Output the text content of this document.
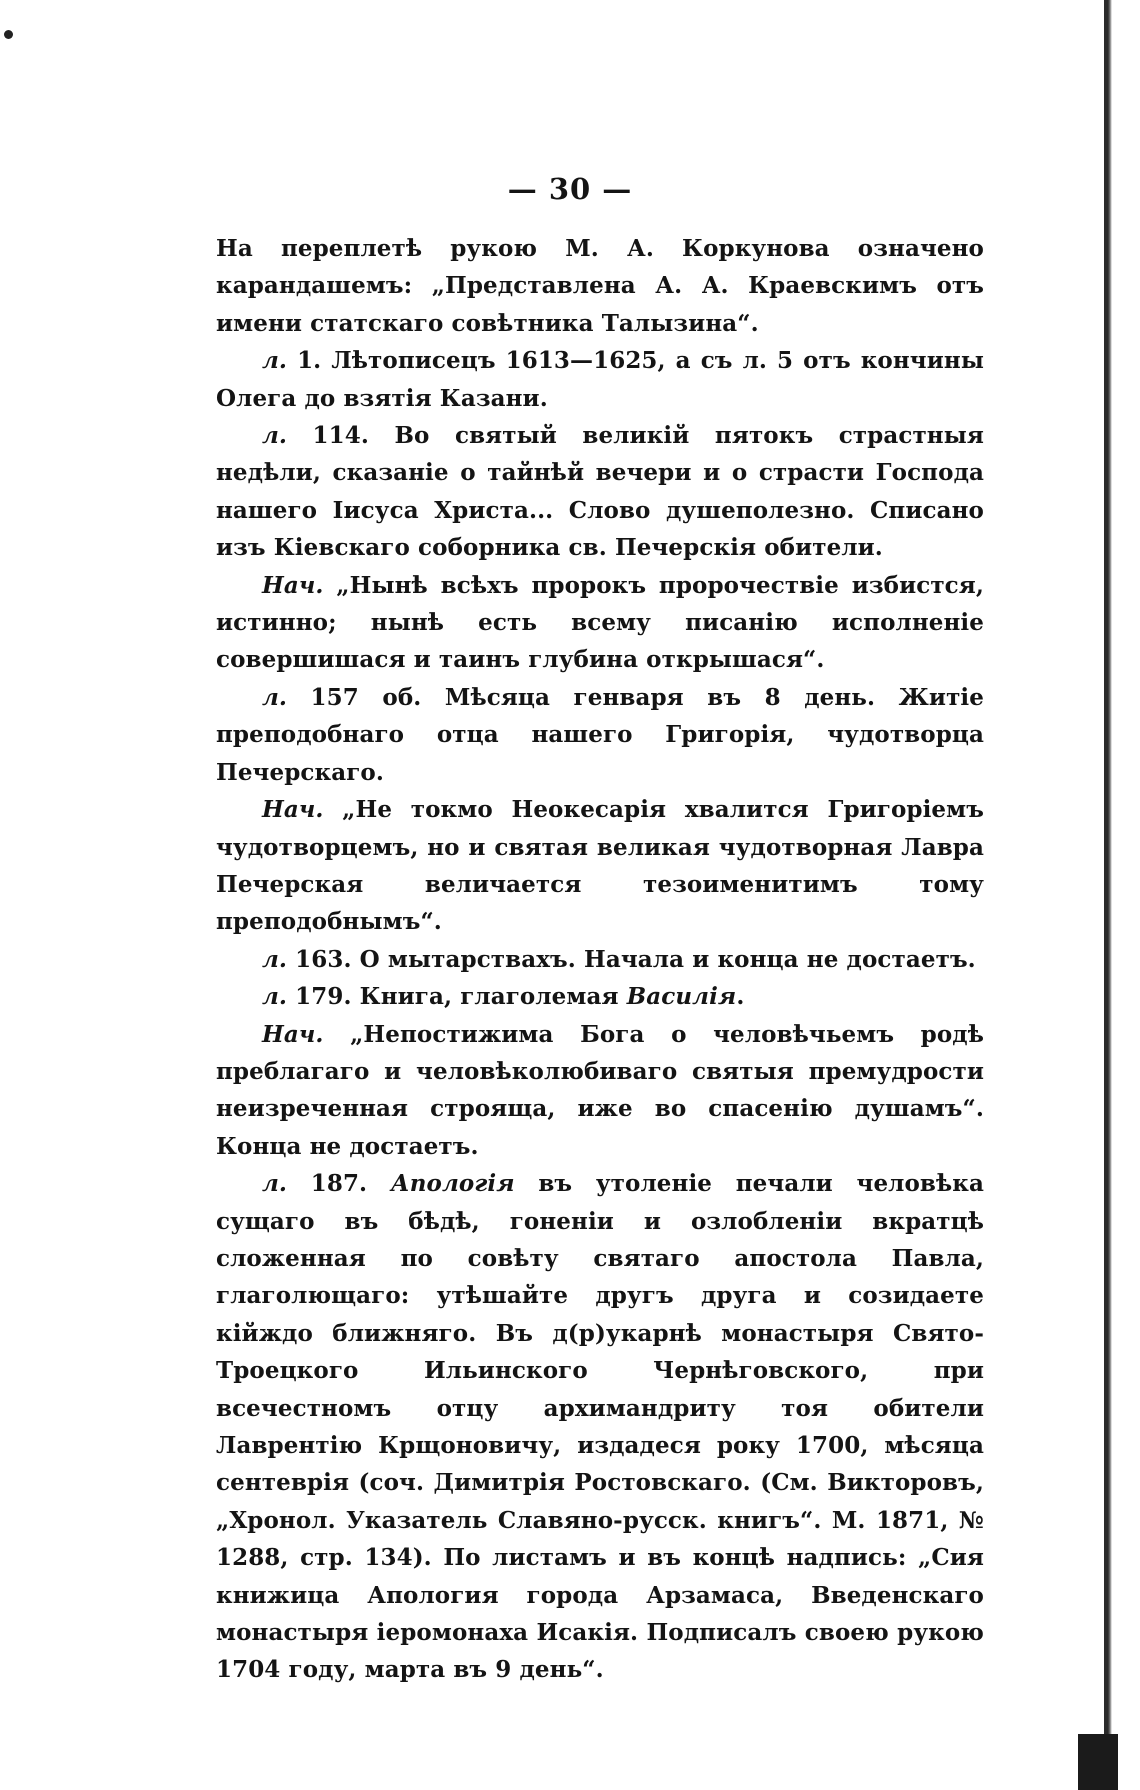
— 30 —

На переплетѣ рукою М. А. Коркунова означено карандашемъ: „Представлена А. А. Краевскимъ отъ имени статскаго совѣтника Талызина“.

л. 1. Лѣтописецъ 1613—1625, а съ л. 5 отъ кончины Олега до взятія Казани.

л. 114. Во святый великій пятокъ страстныя недѣли, сказаніе о тайнѣй вечери и о страсти Господа нашего Іисуса Христа... Слово душеполезно. Списано изъ Кіевскаго соборника св. Печерскія обители.

Нач. „Нынѣ всѣхъ пророкъ пророчествіе избистся, истинно; нынѣ есть всему писанію исполненіе совершишася и таинъ глубина открышася“.

л. 157 об. Мѣсяца генваря въ 8 день. Житіе преподобнаго отца нашего Григорія, чудотворца Печерскаго.

Нач. „Не токмо Неокесарія хвалится Григоріемъ чудотворцемъ, но и святая великая чудотворная Лавра Печерская величается тезоименитимъ тому преподобнымъ“.

л. 163. О мытарствахъ. Начала и конца не достаетъ.

л. 179. Книга, глаголемая Василія.

Нач. „Непостижима Бога о человѣчьемъ родѣ преблагаго и человѣколюбиваго святыя премудрости неизреченная строяща, иже во спасенію душамъ“. Конца не достаетъ.

л. 187. Апологія въ утоленіе печали человѣка сущаго въ бѣдѣ, гоненіи и озлобленіи вкратцѣ сложенная по совѣту святаго апостола Павла, глаголющаго: утѣшайте другъ друга и созидаете кійждо ближняго. Въ д(р)укарнѣ монастыря Свято-Троецкого Ильинского Чернѣговского, при всечестномъ отцу архимандриту тоя обители Лаврентію Крщоновичу, издадеся року 1700, мѣсяца сентеврія (соч. Димитрія Ростовскаго. (См. Викторовъ, „Хронол. Указатель Славяно-русск. книгъ“. М. 1871, № 1288, стр. 134). По листамъ и въ концѣ надпись: „Сия книжица Апология города Арзамаса, Введенскаго монастыря іеромонаха Исакія. Подписалъ своею рукою 1704 году, марта въ 9 день“.
